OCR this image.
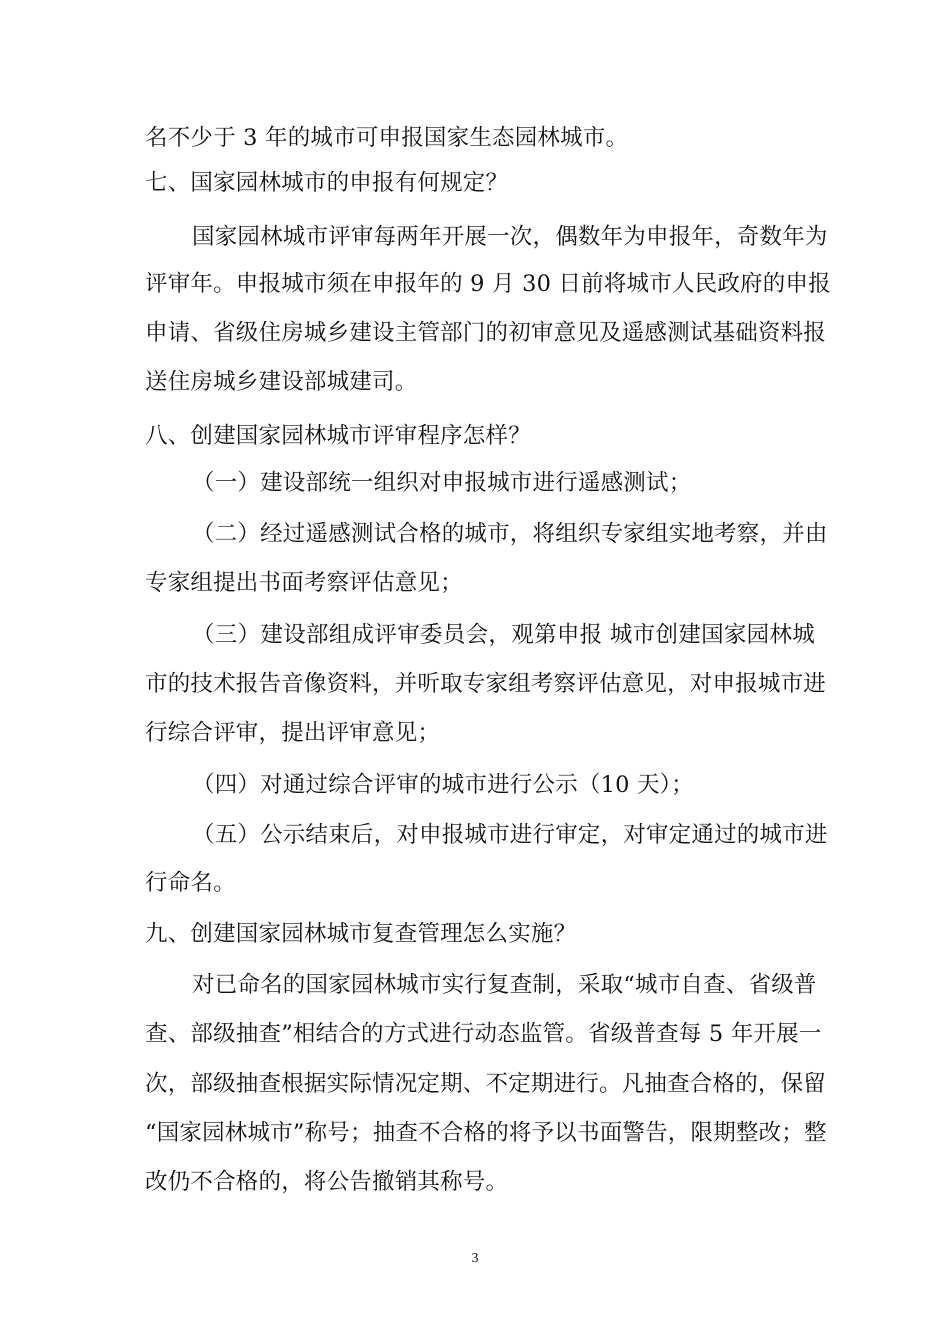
名不少于 3 年的城市可申报国家生态园林城市。
七、国家园林城市的申报有何规定？
国家园林城市评审每两年开展一次，偶数年为申报年，奇数年为
评审年。申报城市须在申报年的 9 月 30 日前将城市人民政府的申报
申请、省级住房城乡建设主管部门的初审意见及遥感测试基础资料报
送住房城乡建设部城建司。
八、创建国家园林城市评审程序怎样？
（一）建设部统一组织对申报城市进行遥感测试；
（二）经过遥感测试合格的城市，将组织专家组实地考察，并由
专家组提出书面考察评估意见；
（三）建设部组成评审委员会，观第申报 城市创建国家园林城
市的技术报告音像资料，并听取专家组考察评估意见，对申报城市进
行综合评审，提出评审意见；
（四）对通过综合评审的城市进行公示（10 天）；
（五）公示结束后，对申报城市进行审定，对审定通过的城市进
行命名。
九、创建国家园林城市复查管理怎么实施？
对已命名的国家园林城市实行复查制，采取“城市自查、省级普
查、部级抽查”相结合的方式进行动态监管。省级普查每 5 年开展一
次，部级抽查根据实际情况定期、不定期进行。凡抽查合格的，保留
“国家园林城市”称号；抽查不合格的将予以书面警告，限期整改；整
改仍不合格的，将公告撤销其称号。
3
